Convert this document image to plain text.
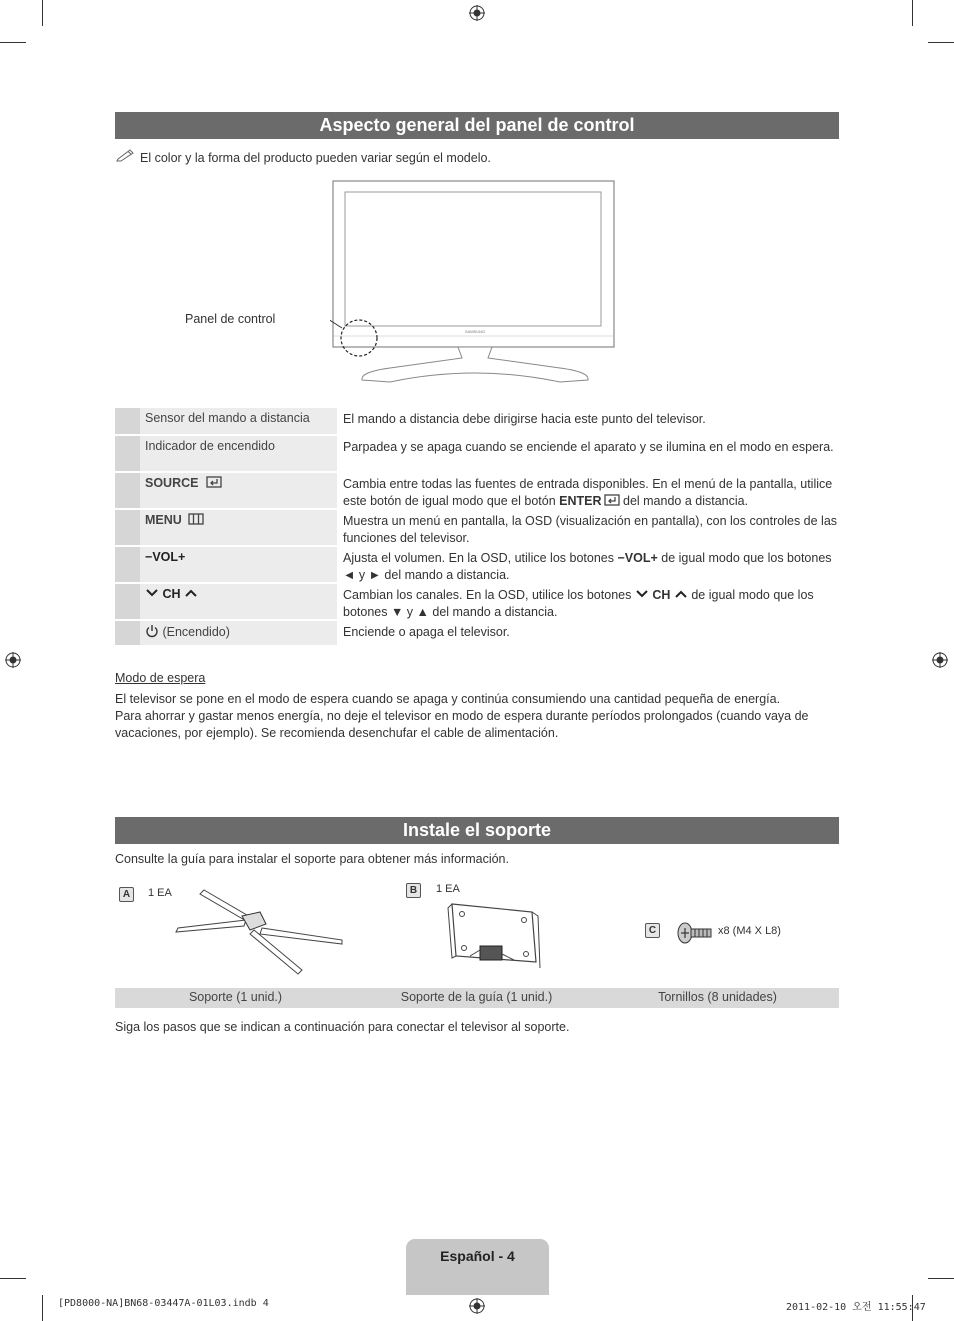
Aspecto general del panel de control
El color y la forma del producto pueden variar según el modelo.
SAMSUNG
Panel de control
Sensor del mando a distancia	El mando a distancia debe dirigirse hacia este punto del televisor.
Indicador de encendido	Parpadea y se apaga cuando se enciende el aparato y se ilumina en el modo en espera.
SOURCE	Cambia entre todas las fuentes de entrada disponibles. En el menú de la pantalla, utilice este botón de igual modo que el botón ENTER del mando a distancia.
MENU	Muestra un menú en pantalla, la OSD (visualización en pantalla), con los controles de las funciones del televisor.
−VOL+	Ajusta el volumen. En la OSD, utilice los botones −VOL+ de igual modo que los botones ◄ y ► del mando a distancia.
CH	Cambian los canales. En la OSD, utilice los botones  CH  de igual modo que los botones ▼ y ▲ del mando a distancia.
(Encendido)	Enciende o apaga el televisor.
Modo de espera
El televisor se pone en el modo de espera cuando se apaga y continúa consumiendo una cantidad pequeña de energía.
Para ahorrar y gastar menos energía, no deje el televisor en modo de espera durante períodos prolongados (cuando vaya de vacaciones, por ejemplo). Se recomienda desenchufar el cable de alimentación.
Instale el soporte
Consulte la guía para instalar el soporte para obtener más información.
A	1 EA	B	1 EA
C	x8 (M4 X L8)
Soporte (1 unid.)	Soporte de la guía (1 unid.)	Tornillos (8 unidades)
Siga los pasos que se indican a continuación para conectar el televisor al soporte.
Español - 4
[PD8000-NA]BN68-03447A-01L03.indb 4	2011-02-10 오전 11:55:47
